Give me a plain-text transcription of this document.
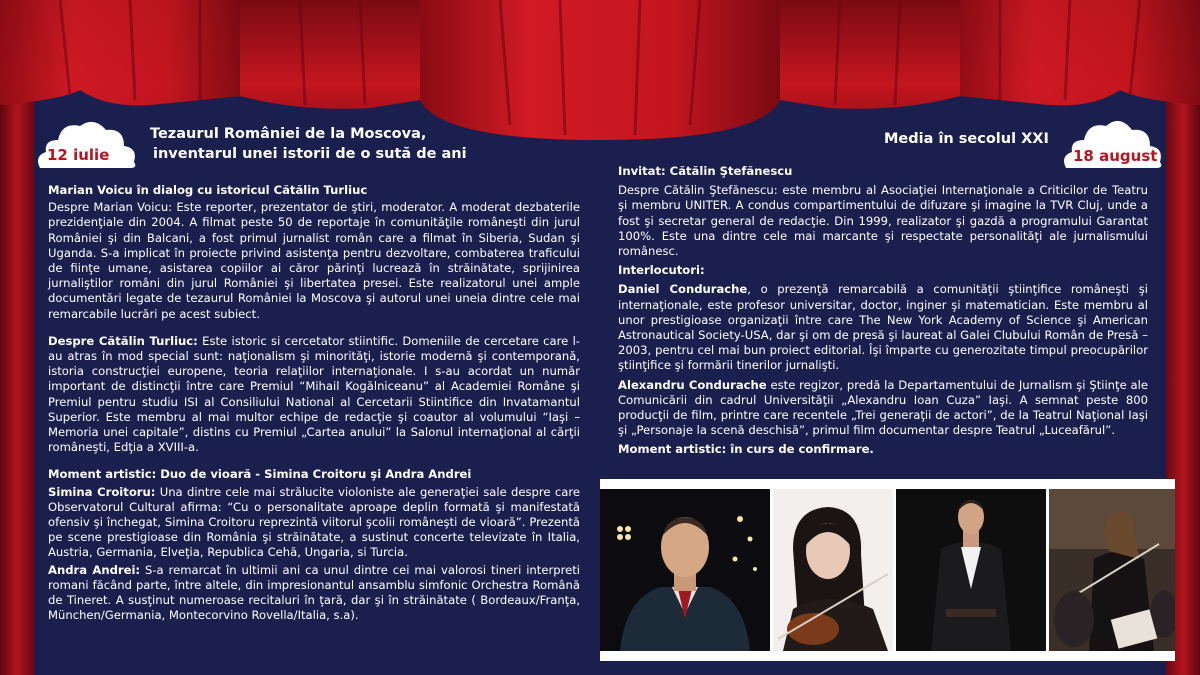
12 iulie	18 august
Tezaurul României de la Moscova,
inventarul unei istorii de o sută de ani
Media în secolul XXI

Marian Voicu în dialog cu istoricul Cătălin Turliuc

Despre Marian Voicu: Este reporter, prezentator de ştiri, moderator. A moderat dezbaterile prezidenţiale din 2004. A filmat peste 50 de reportaje în comunităţile româneşti din jurul României şi din Balcani, a fost primul jurnalist român care a filmat în Siberia, Sudan şi Uganda. S-a implicat în proiecte privind asistenţa pentru dezvoltare, combaterea traficului de fiinţe umane, asistarea copiilor ai căror părinţi lucrează în străinătate, sprijinirea jurnaliştilor români din jurul României şi libertatea presei. Este realizatorul unei ample documentări legate de tezaurul României la Moscova şi autorul unei uneia dintre cele mai remarcabile lucrări pe acest subiect.

Despre Cătălin Turliuc: Este istoric si cercetator stiintific. Domeniile de cercetare care l-au atras în mod special sunt: naţionalism şi minorităţi, istorie modernă şi contemporană, istoria construcţiei europene, teoria relaţiilor internaţionale. I s-au acordat un număr important de distincţii între care Premiul “Mihail Kogălniceanu” al Academiei Române şi Premiul pentru studiu ISI al Consiliului National al Cercetarii Stiintifice din Invatamantul Superior. Este membru al mai multor echipe de redacţie şi coautor al volumului “Iaşi – Memoria unei capitale”, distins cu Premiul „Cartea anului” la Salonul internaţional al cărţii româneşti, Edţia a XVIII-a.

Moment artistic: Duo de vioară - Simina Croitoru şi Andra Andrei

Simina Croitoru: Una dintre cele mai strălucite violoniste ale generaţiei sale despre care Observatorul Cultural afirma: “Cu o personalitate aproape deplin formată şi manifestată ofensiv şi închegat, Simina Croitoru reprezintă viitorul şcolii româneşti de vioară”. Prezentă pe scene prestigioase din România şi străinătate, a sustinut concerte televizate în Italia, Austria, Germania, Elveţia, Republica Cehă, Ungaria, si Turcia.

Andra Andrei: S-a remarcat în ultimii ani ca unul dintre cei mai valorosi tineri interpreti romani făcând parte, între altele, din impresionantul ansamblu simfonic Orchestra Română de Tineret. A susţinut numeroase recitaluri în ţară, dar şi în străinătate ( Bordeaux/Franţa, München/Germania, Montecorvino Rovella/Italia, s.a).

Invitat: Cătălin Ştefănescu

Despre Cătălin Ştefănescu: este membru al Asociaţiei Internaţionale a Criticilor de Teatru şi membru UNITER. A condus compartimentului de difuzare şi imagine la TVR Cluj, unde a fost şi secretar general de redacţie. Din 1999, realizator şi gazdă a programului Garantat 100%. Este una dintre cele mai marcante şi respectate personalităţi ale jurnalismului românesc.

Interlocutori:

Daniel Condurache, o prezenţă remarcabilă a comunităţii ştiinţifice româneşti şi internaţionale, este profesor universitar, doctor, inginer şi matematician. Este membru al unor prestigioase organizaţii între care The New York Academy of Science şi American Astronautical Society-USA, dar şi om de presă şi laureat al Galei Clubului Român de Presă – 2003, pentru cel mai bun proiect editorial. Îşi împarte cu generozitate timpul preocupărilor ştiinţifice şi formării tinerilor jurnalişti.

Alexandru Condurache este regizor, predă la Departamentului de Jurnalism şi Ştiinţe ale Comunicării din cadrul Universităţii „Alexandru Ioan Cuza” Iaşi. A semnat peste 800 producţii de film, printre care recentele „Trei generaţii de actori”, de la Teatrul Naţional Iaşi şi „Personaje la scenă deschisă”, primul film documentar despre Teatrul „Luceafărul”.

Moment artistic: în curs de confirmare.
